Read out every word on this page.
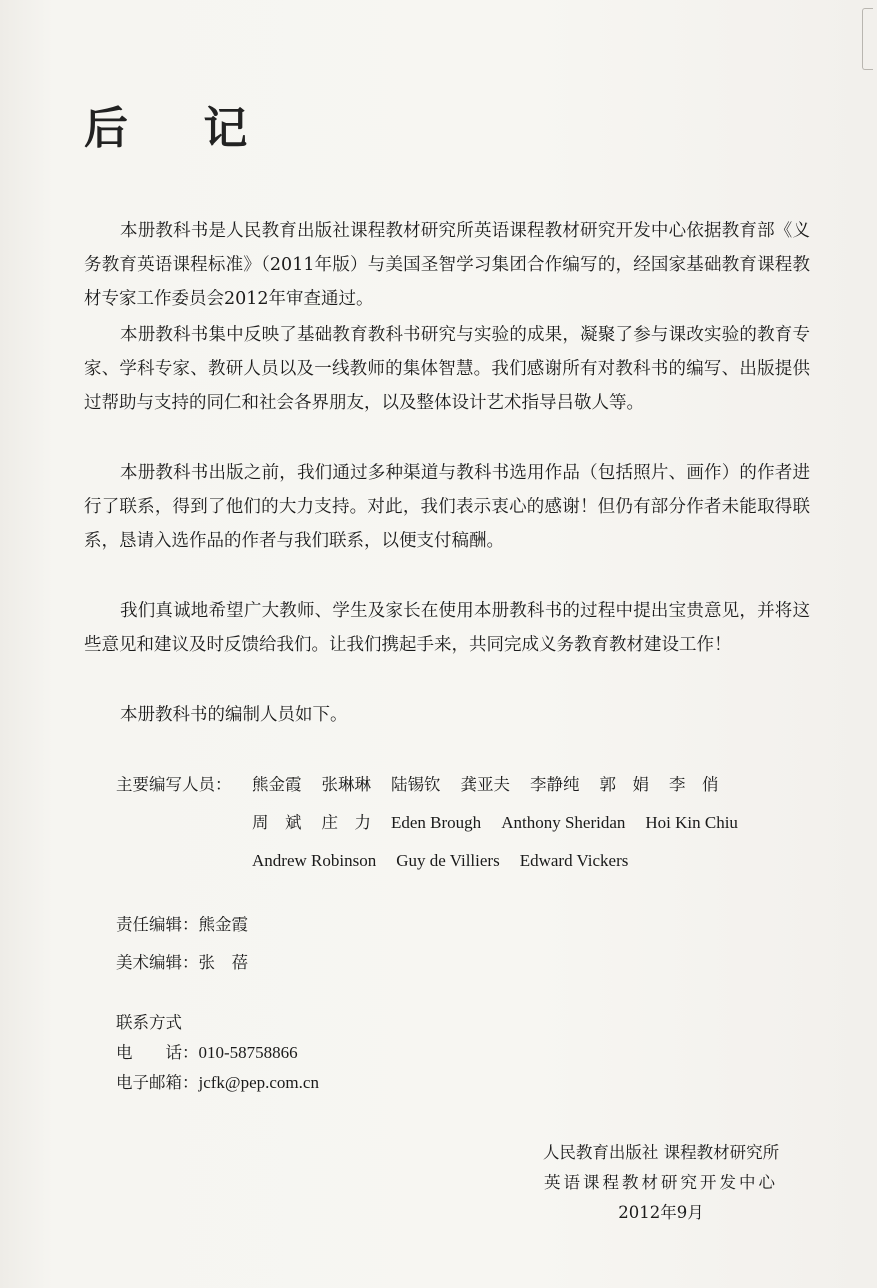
后 记

本册教科书是人民教育出版社课程教材研究所英语课程教材研究开发中心依据教育部《义务教育英语课程标准》（2011年版）与美国圣智学习集团合作编写的，经国家基础教育课程教材专家工作委员会2012年审查通过。

本册教科书集中反映了基础教育教科书研究与实验的成果，凝聚了参与课改实验的教育专家、学科专家、教研人员以及一线教师的集体智慧。我们感谢所有对教科书的编写、出版提供过帮助与支持的同仁和社会各界朋友，以及整体设计艺术指导吕敬人等。

本册教科书出版之前，我们通过多种渠道与教科书选用作品（包括照片、画作）的作者进行了联系，得到了他们的大力支持。对此，我们表示衷心的感谢！但仍有部分作者未能取得联系，恳请入选作品的作者与我们联系，以便支付稿酬。

我们真诚地希望广大教师、学生及家长在使用本册教科书的过程中提出宝贵意见，并将这些意见和建议及时反馈给我们。让我们携起手来，共同完成义务教育教材建设工作！

本册教科书的编制人员如下。

主要编写人员：	熊金霞 张琳琳 陆锡钦 龚亚夫 李静纯 郭　娟 李　俏
周　斌 庄　力 Eden Brough Anthony Sheridan Hoi Kin Chiu
Andrew Robinson Guy de Villiers Edward Vickers
责任编辑：熊金霞
美术编辑：张　蓓
联系方式
电　　话：010-58758866
电子邮箱：jcfk@pep.com.cn
人民教育出版社 课程教材研究所
英语课程教材研究开发中心
2012年9月
